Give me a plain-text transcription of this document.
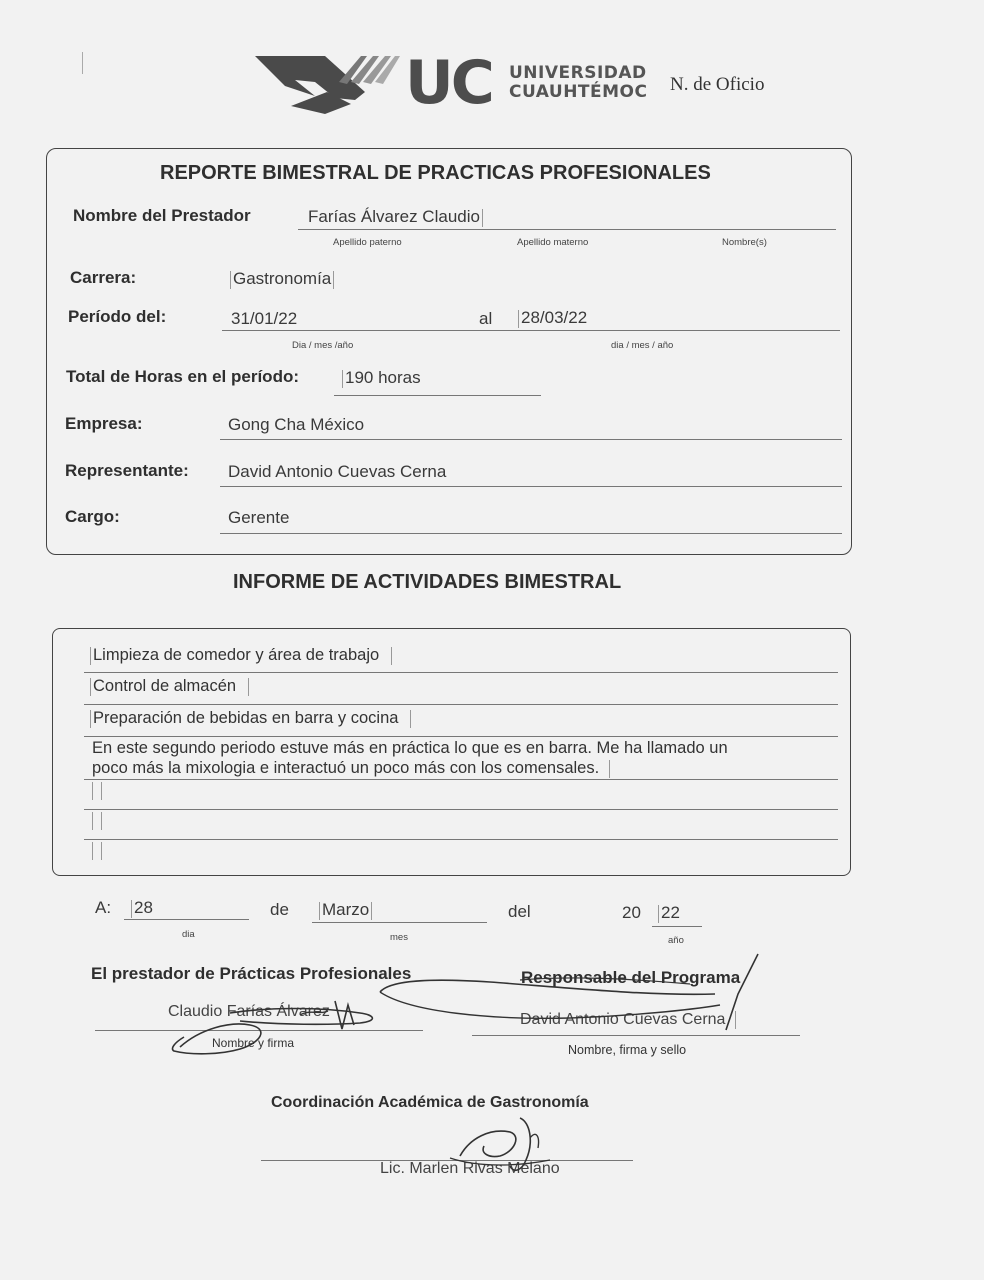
UC UNIVERSIDAD
CUAUHTÉMOC N. de Oficio
REPORTE BIMESTRAL DE PRACTICAS PROFESIONALES
Nombre del Prestador	Farías Álvarez Claudio
Apellido paterno	Apellido materno	Nombre(s)
Carrera:	Gastronomía
Período del:	31/01/22	al 28/03/22
Dia / mes /año	dia / mes / año
Total de Horas en el período:	190 horas
Empresa:	Gong Cha México
Representante: David Antonio Cuevas Cerna
Cargo:	Gerente
INFORME DE ACTIVIDADES BIMESTRAL
Limpieza de comedor y área de trabajo
Control de almacén
Preparación de bebidas en barra y cocina
En este segundo periodo estuve más en práctica lo que es en barra. Me ha llamado un
poco más la mixologia e interactuó un poco más con los comensales.
A: 28	de Marzo	del	20 22
dia	mes	año
El prestador de Prácticas Profesionales
Claudio Farías Álvarez
Nombre y firma
Responsable del Programa
David Antonio Cuevas Cerna
Nombre, firma y sello
Coordinación Académica de Gastronomía
Lic. Marlen Rivas Melano
